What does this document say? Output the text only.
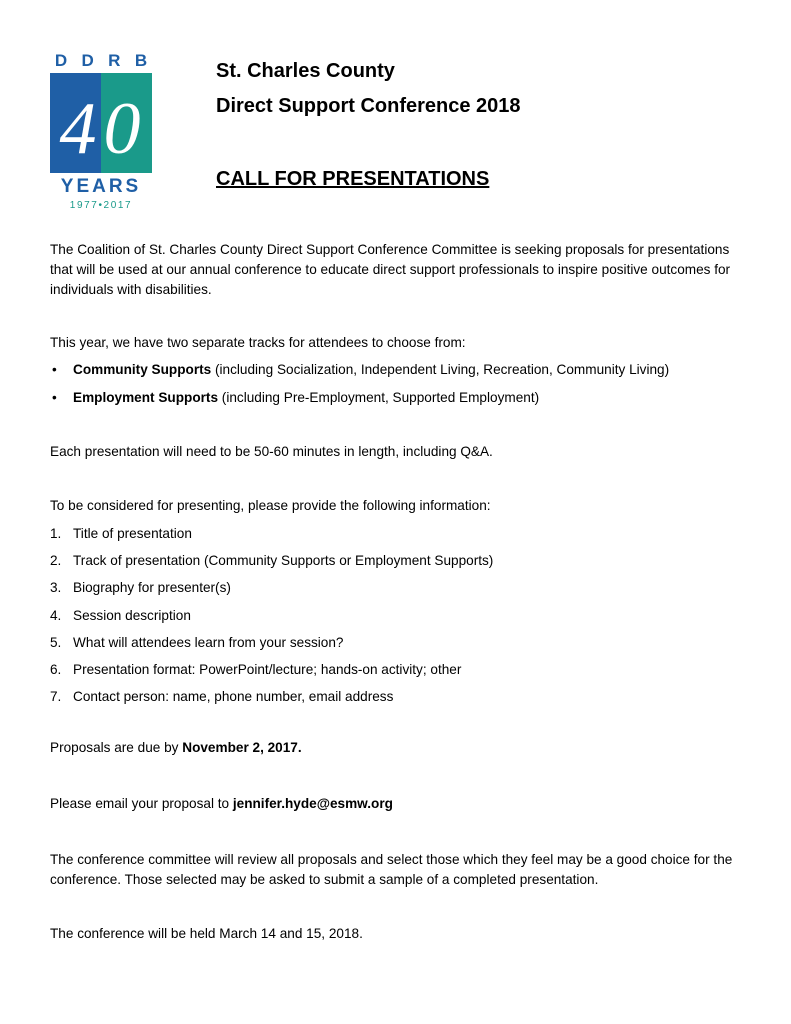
D D R B
4 0
YEARS
1977•2017
St. Charles County
Direct Support Conference 2018
CALL FOR PRESENTATIONS
The Coalition of St. Charles County Direct Support Conference Committee is seeking proposals for presentations that will be used at our annual conference to educate direct support professionals to inspire positive outcomes for individuals with disabilities.
This year, we have two separate tracks for attendees to choose from:
• Community Supports (including Socialization, Independent Living, Recreation, Community Living)
• Employment Supports (including Pre-Employment, Supported Employment)
Each presentation will need to be 50-60 minutes in length, including Q&A.
To be considered for presenting, please provide the following information:
1. Title of presentation
2. Track of presentation (Community Supports or Employment Supports)
3. Biography for presenter(s)
4. Session description
5. What will attendees learn from your session?
6. Presentation format: PowerPoint/lecture; hands-on activity; other
7. Contact person: name, phone number, email address
Proposals are due by November 2, 2017.
Please email your proposal to jennifer.hyde@esmw.org
The conference committee will review all proposals and select those which they feel may be a good choice for the conference. Those selected may be asked to submit a sample of a completed presentation.
The conference will be held March 14 and 15, 2018.
